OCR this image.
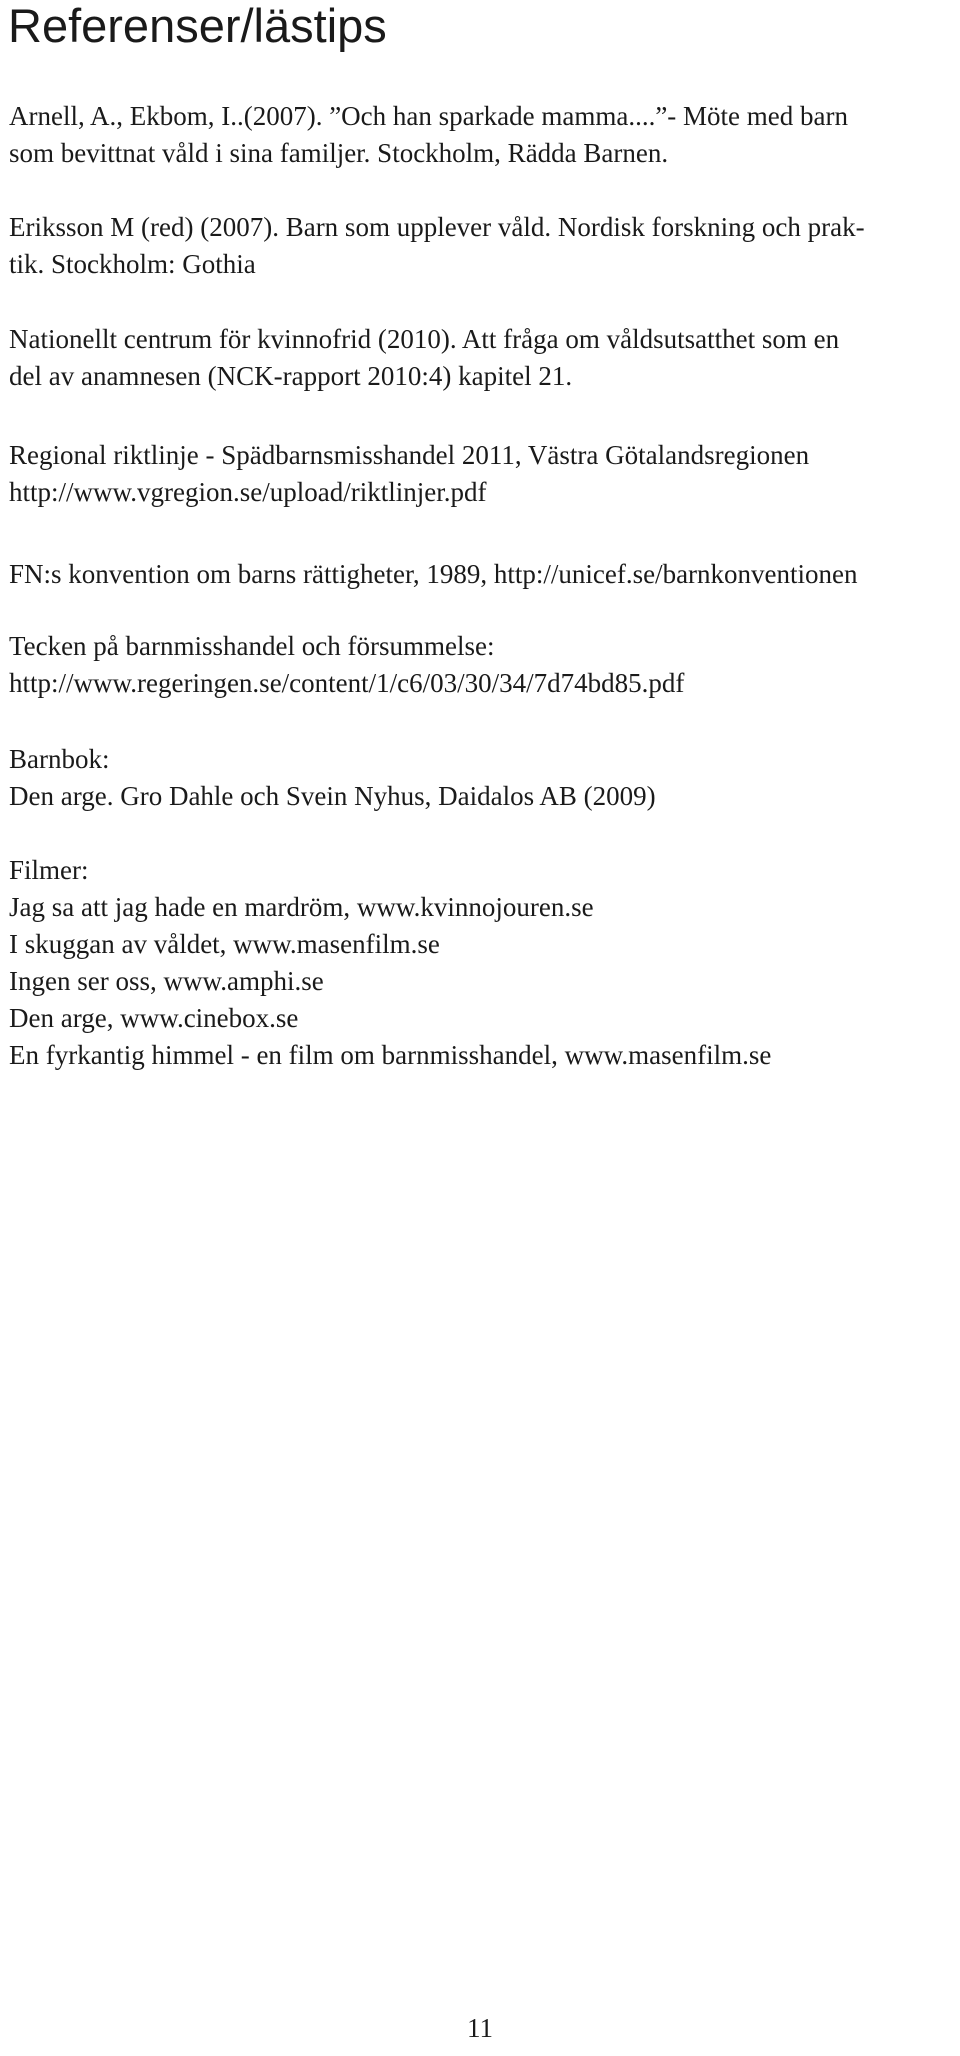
Referenser/lästips
Arnell, A., Ekbom, I..(2007). ”Och han sparkade mamma....”- Möte med barn
som bevittnat våld i sina familjer. Stockholm, Rädda Barnen.
Eriksson M (red) (2007). Barn som upplever våld. Nordisk forskning och prak-
tik. Stockholm: Gothia
Nationellt centrum för kvinnofrid (2010). Att fråga om våldsutsatthet som en
del av anamnesen (NCK-rapport 2010:4) kapitel 21.
Regional riktlinje - Spädbarnsmisshandel 2011, Västra Götalandsregionen
http://www.vgregion.se/upload/riktlinjer.pdf
FN:s konvention om barns rättigheter, 1989, http://unicef.se/barnkonventionen
Tecken på barnmisshandel och försummelse:
http://www.regeringen.se/content/1/c6/03/30/34/7d74bd85.pdf
Barnbok:
Den arge. Gro Dahle och Svein Nyhus, Daidalos AB (2009)
Filmer:
Jag sa att jag hade en mardröm, www.kvinnojouren.se
I skuggan av våldet, www.masenfilm.se
Ingen ser oss, www.amphi.se
Den arge, www.cinebox.se
En fyrkantig himmel - en film om barnmisshandel, www.masenfilm.se
11
